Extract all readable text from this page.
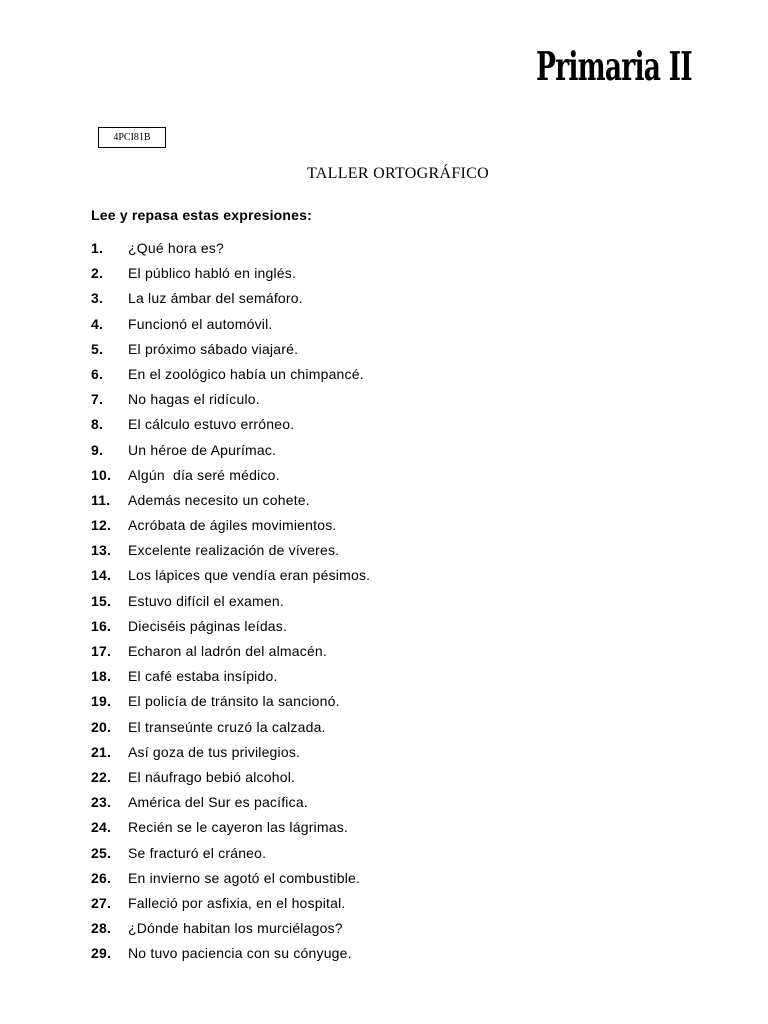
Primaria II
4PCI81B
TALLER ORTOGRÁFICO
Lee y repasa estas expresiones:
1.	¿Qué hora es?
2.	El público habló en inglés.
3.	La luz ámbar del semáforo.
4.	Funcionó el automóvil.
5.	El próximo sábado viajaré.
6.	En el zoológico había un chimpancé.
7.	No hagas el ridículo.
8.	El cálculo estuvo erróneo.
9.	Un héroe de Apurímac.
10.	Algún  día seré médico.
11.	Además necesito un cohete.
12.	Acróbata de ágiles movimientos.
13.	Excelente realización de víveres.
14.	Los lápices que vendía eran pésimos.
15.	Estuvo difícil el examen.
16.	Dieciséis páginas leídas.
17.	Echaron al ladrón del almacén.
18.	El café estaba insípido.
19.	El policía de tránsito la sancionó.
20.	El transeúnte cruzó la calzada.
21.	Así goza de tus privilegios.
22.	El náufrago bebió alcohol.
23.	América del Sur es pacífica.
24.	Recién se le cayeron las lágrimas.
25.	Se fracturó el cráneo.
26.	En invierno se agotó el combustible.
27.	Falleció por asfixia, en el hospital.
28.	¿Dónde habitan los murciélagos?
29.	No tuvo paciencia con su cónyuge.
